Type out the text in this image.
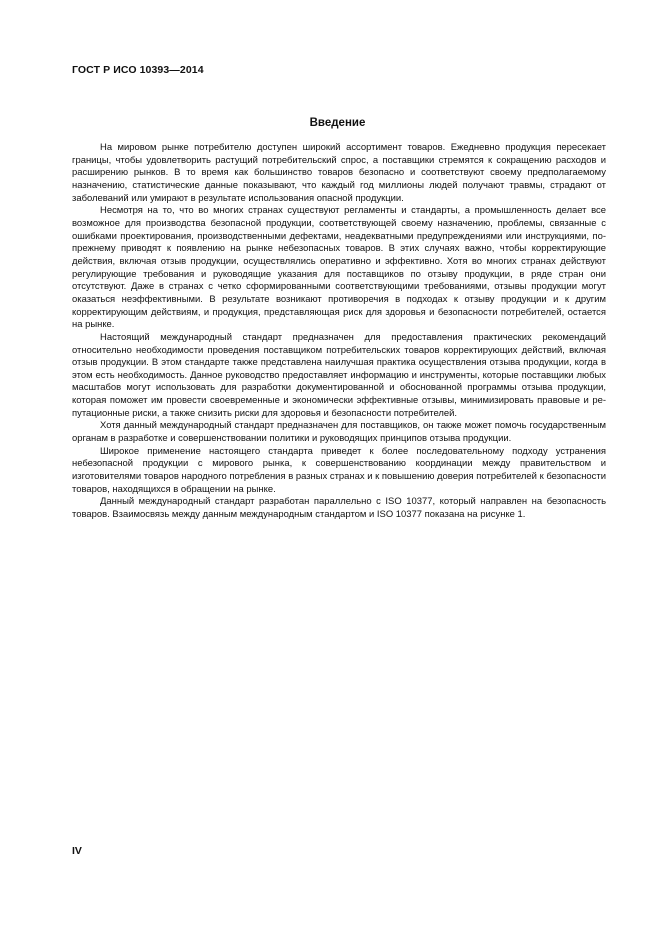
ГОСТ Р ИСО 10393—2014
Введение

На мировом рынке потребителю доступен широкий ассортимент товаров. Ежедневно продукция пересекает границы, чтобы удовлетворить растущий потребительский спрос, а поставщики стремятся к сокращению расходов и расширению рынков. В то время как большинство товаров безопасно и соответствуют своему предполагаемому назначению, статистические данные показывают, что каждый год миллионы людей получают травмы, страдают от заболеваний или умирают в результате использования опасной продукции.

Несмотря на то, что во многих странах существуют регламенты и стандарты, а промышленность делает все возможное для производства безопасной продукции, соответствующей своему назначению, проблемы, связанные с ошибками проектирования, производственными дефектами, неадекватными предупреждениями или инструкциями, по-прежнему приводят к появлению на рынке небезопасных товаров. В этих случаях важно, чтобы корректирующие действия, включая отзыв продукции, осуществлялись оперативно и эффективно. Хотя во многих странах действуют регулирующие требования и руководящие указания для поставщиков по отзыву продукции, в ряде стран они отсутствуют. Даже в странах с четко сформированными соответствующими требованиями, отзывы продукции могут оказаться неэффективными. В результате возникают противоречия в подходах к отзыву продукции и к другим корректирующим действиям, и продукция, представляющая риск для здоровья и безопасности потребителей, остается на рынке.

Настоящий международный стандарт предназначен для предоставления практических рекомендаций относительно необходимости проведения поставщиком потребительских товаров корректирующих действий, включая отзыв продукции. В этом стандарте также представлена наилучшая практика осуществления отзыва продукции, когда в этом есть необходимость. Данное руководство предоставляет информацию и инструменты, которые поставщики любых масштабов могут использовать для разработки документированной и обоснованной программы отзыва продукции, которая поможет им провести своевременные и экономически эффективные отзывы, минимизировать правовые и репутационные риски, а также снизить риски для здоровья и безопасности потребителей.

Хотя данный международный стандарт предназначен для поставщиков, он также может помочь государственным органам в разработке и совершенствовании политики и руководящих принципов отзыва продукции.

Широкое применение настоящего стандарта приведет к более последовательному подходу устранения небезопасной продукции с мирового рынка, к совершенствованию координации между правительством и изготовителями товаров народного потребления в разных странах и к повышению доверия потребителей к безопасности товаров, находящихся в обращении на рынке.

Данный международный стандарт разработан параллельно с ISO 10377, который направлен на безопасность товаров. Взаимосвязь между данным международным стандартом и ISO 10377 показана на рисунке 1.

IV
